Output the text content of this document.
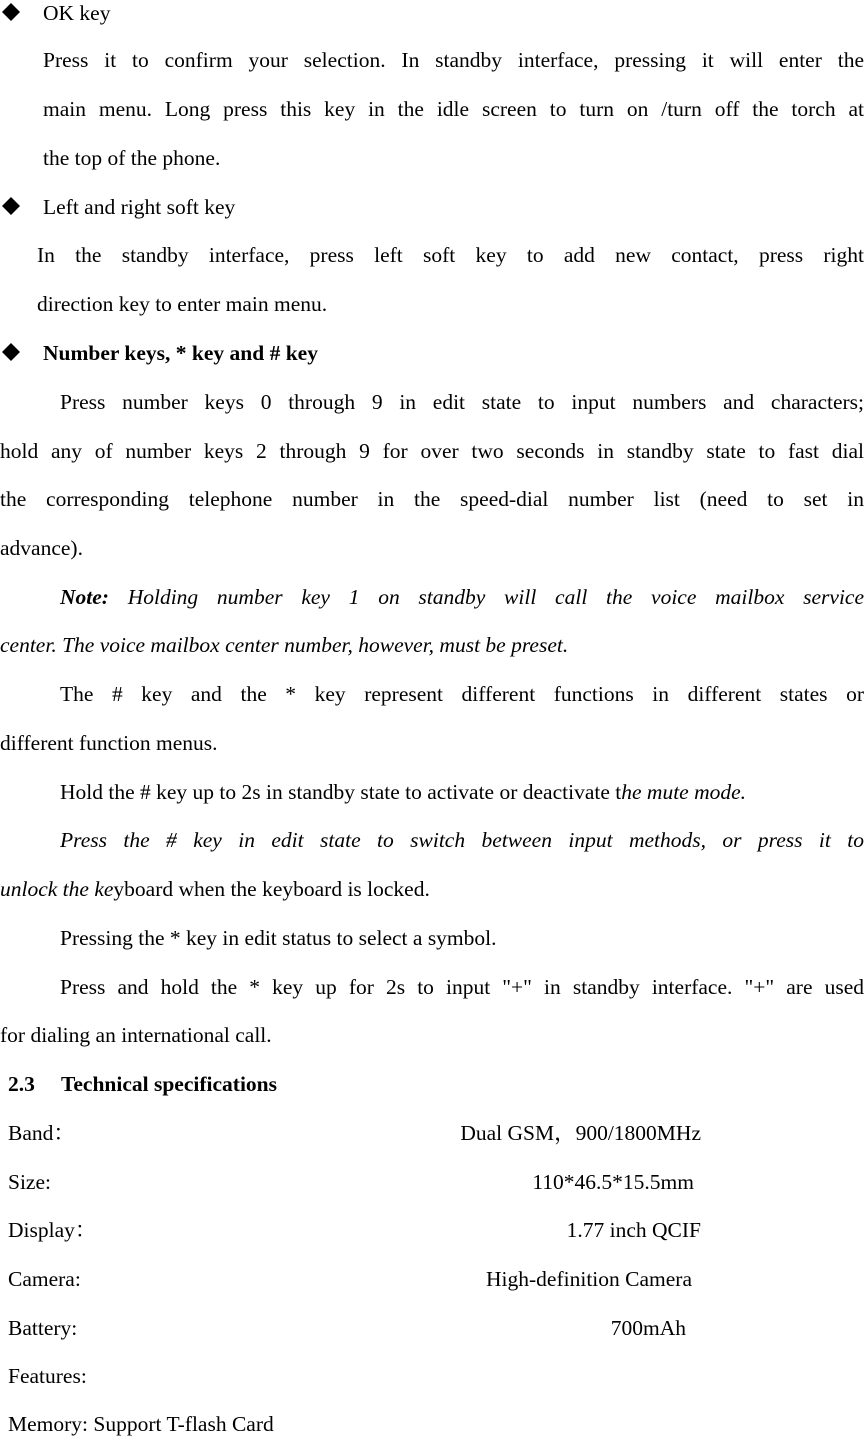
OK key
Press it to confirm your selection. In standby interface, pressing it will enter the
main menu. Long press this key in the idle screen to turn on /turn off the torch at
the top of the phone.
Left and right soft key
In the standby interface, press left soft key to add new contact, press right
direction key to enter main menu.
Number keys, * key and # key
Press number keys 0 through 9 in edit state to input numbers and characters;
hold any of number keys 2 through 9 for over two seconds in standby state to fast dial
the corresponding telephone number in the speed-dial number list (need to set in
advance).
Note: Holding number key 1 on standby will call the voice mailbox service
center. The voice mailbox center number, however, must be preset.
The # key and the * key represent different functions in different states or
different function menus.
Hold the # key up to 2s in standby state to activate or deactivate the mute mode.
Press the # key in edit state to switch between input methods, or press it to
unlock the keyboard when the keyboard is locked.
Pressing the * key in edit status to select a symbol.
Press and hold the * key up for 2s to input "+" in standby interface. "+" are used
for dialing an international call.
2.3 Technical specifications
Band：	Dual GSM，900/1800MHz
Size:	110*46.5*15.5mm
Display：	1.77 inch QCIF
Camera:	High-definition Camera
Battery:	700mAh
Features:
Memory: Support T-flash Card
